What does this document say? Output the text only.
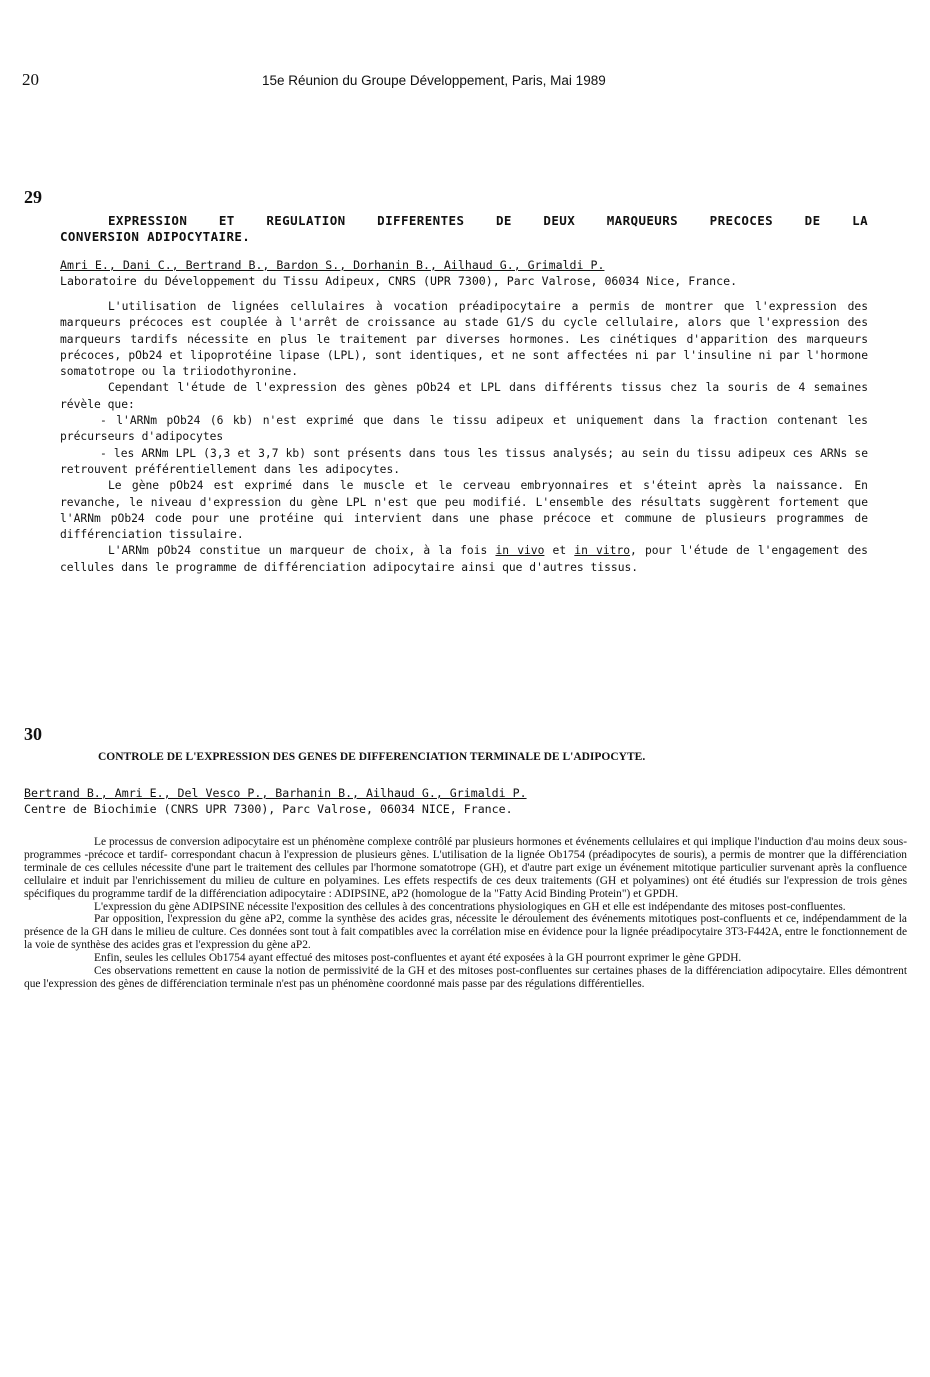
20	15e Réunion du Groupe Développement, Paris, Mai 1989
29
EXPRESSION ET REGULATION DIFFERENTES DE DEUX MARQUEURS PRECOCES DE LA
CONVERSION ADIPOCYTAIRE.
Amri E., Dani C., Bertrand B., Bardon S., Dorhanin B., Ailhaud G., Grimaldi P.
Laboratoire du Développement du Tissu Adipeux, CNRS (UPR 7300), Parc Valrose, 06034 Nice, France.

L'utilisation de lignées cellulaires à vocation préadipocytaire a permis de montrer que l'expression des marqueurs précoces est couplée à l'arrêt de croissance au stade G1/S du cycle cellulaire, alors que l'expression des marqueurs tardifs nécessite en plus le traitement par diverses hormones. Les cinétiques d'apparition des marqueurs précoces, pOb24 et lipoprotéine lipase (LPL), sont identiques, et ne sont affectées ni par l'insuline ni par l'hormone somatotrope ou la triiodothyronine.

Cependant l'étude de l'expression des gènes pOb24 et LPL dans différents tissus chez la souris de 4 semaines révèle que:

- l'ARNm pOb24 (6 kb) n'est exprimé que dans le tissu adipeux et uniquement dans la fraction contenant les précurseurs d'adipocytes

- les ARNm LPL (3,3 et 3,7 kb) sont présents dans tous les tissus analysés; au sein du tissu adipeux ces ARNs se retrouvent préférentiellement dans les adipocytes.

Le gène pOb24 est exprimé dans le muscle et le cerveau embryonnaires et s'éteint après la naissance. En revanche, le niveau d'expression du gène LPL n'est que peu modifié. L'ensemble des résultats suggèrent fortement que l'ARNm pOb24 code pour une protéine qui intervient dans une phase précoce et commune de plusieurs programmes de différenciation tissulaire.

L'ARNm pOb24 constitue un marqueur de choix, à la fois in vivo et in vitro, pour l'étude de l'engagement des cellules dans le programme de différenciation adipocytaire ainsi que d'autres tissus.

30
CONTROLE DE L'EXPRESSION DES GENES DE DIFFERENCIATION TERMINALE DE L'ADIPOCYTE.
Bertrand B., Amri E., Del Vesco P., Barhanin B., Ailhaud G., Grimaldi P.
Centre de Biochimie (CNRS UPR 7300), Parc Valrose, 06034 NICE, France.

Le processus de conversion adipocytaire est un phénomène complexe contrôlé par plusieurs hormones et événements cellulaires et qui implique l'induction d'au moins deux sous-programmes -précoce et tardif- correspondant chacun à l'expression de plusieurs gènes. L'utilisation de la lignée Ob1754 (préadipocytes de souris), a permis de montrer que la différenciation terminale de ces cellules nécessite d'une part le traitement des cellules par l'hormone somatotrope (GH), et d'autre part exige un événement mitotique particulier survenant après la confluence cellulaire et induit par l'enrichissement du milieu de culture en polyamines. Les effets respectifs de ces deux traitements (GH et polyamines) ont été étudiés sur l'expression de trois gènes spécifiques du programme tardif de la différenciation adipocytaire : ADIPSINE, aP2 (homologue de la "Fatty Acid Binding Protein") et GPDH.

L'expression du gène ADIPSINE nécessite l'exposition des cellules à des concentrations physiologiques en GH et elle est indépendante des mitoses post-confluentes.

Par opposition, l'expression du gène aP2, comme la synthèse des acides gras, nécessite le déroulement des événements mitotiques post-confluents et ce, indépendamment de la présence de la GH dans le milieu de culture. Ces données sont tout à fait compatibles avec la corrélation mise en évidence pour la lignée préadipocytaire 3T3-F442A, entre le fonctionnement de la voie de synthèse des acides gras et l'expression du gène aP2.

Enfin, seules les cellules Ob1754 ayant effectué des mitoses post-confluentes et ayant été exposées à la GH pourront exprimer le gène GPDH.

Ces observations remettent en cause la notion de permissivité de la GH et des mitoses post-confluentes sur certaines phases de la différenciation adipocytaire. Elles démontrent que l'expression des gènes de différenciation terminale n'est pas un phénomène coordonné mais passe par des régulations différentielles.
